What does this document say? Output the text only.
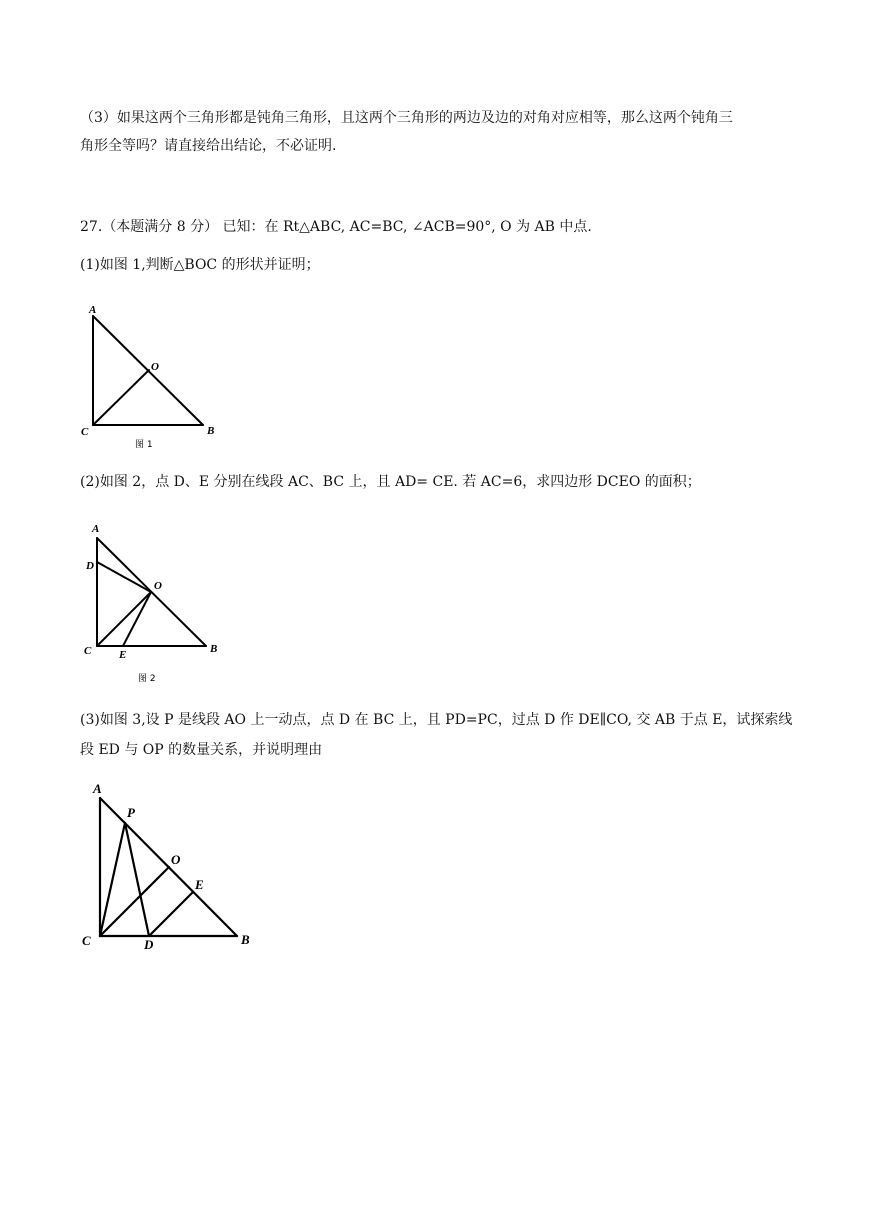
（3）如果这两个三角形都是钝角三角形，且这两个三角形的两边及边的对角对应相等，那么这两个钝角三
角形全等吗？请直接给出结论，不必证明.
27.（本题满分 8 分） 已知：在 Rt△ABC, AC=BC, ∠ACB=90°, O 为 AB 中点.
(1)如图 1,判断△BOC 的形状并证明；
A
O
C	B
图 1
(2)如图 2，点 D、E 分别在线段 AC、BC 上，且 AD= CE. 若 AC=6，求四边形 DCEO 的面积；
A
D
O
C	E	B
图 2
(3)如图 3,设 P 是线段 AO 上一动点，点 D 在 BC 上，且 PD=PC，过点 D 作 DE∥CO, 交 AB 于点 E，试探索线
段 ED 与 OP 的数量关系，并说明理由
A
P
O
E
C	D	B
